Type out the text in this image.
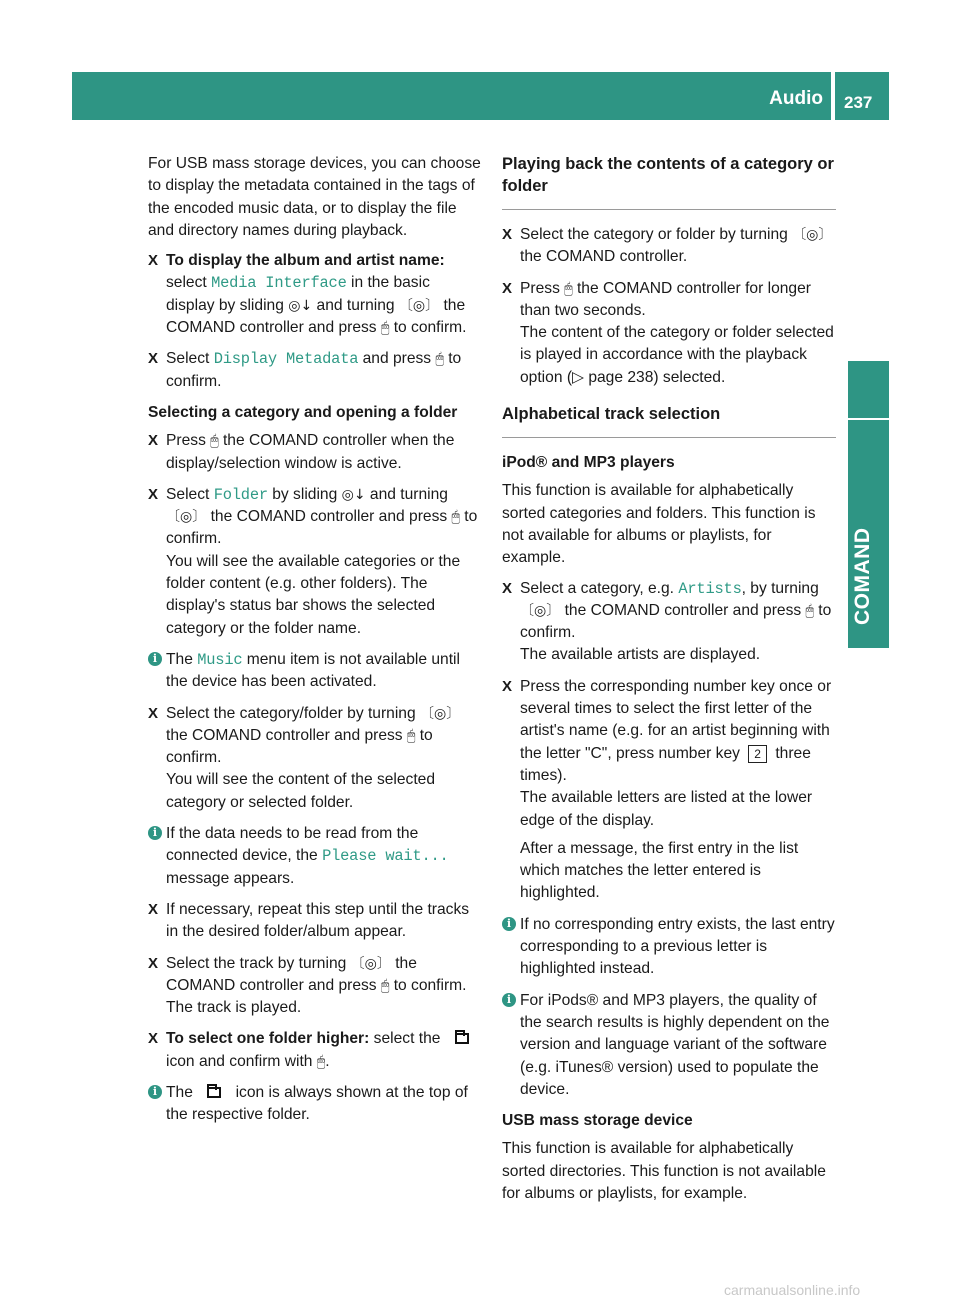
Audio 237
COMAND

For USB mass storage devices, you can choose to display the metadata contained in the tags of the encoded music data, or to display the file and directory names during playback.

X To display the album and artist name: select Media Interface in the basic display by sliding ◎↓ and turning 〔◎〕 the COMAND controller and press 🖱 to confirm.
X Select Display Metadata and press 🖱 to confirm.
Selecting a category and opening a folder
X Press 🖱 the COMAND controller when the display/selection window is active.
X Select Folder by sliding ◎↓ and turning 〔◎〕 the COMAND controller and press 🖱 to confirm.
You will see the available categories or the folder content (e.g. other folders). The display's status bar shows the selected category or the folder name.
i The Music menu item is not available until the device has been activated.
X Select the category/folder by turning 〔◎〕 the COMAND controller and press 🖱 to confirm.
You will see the content of the selected category or selected folder.
i If the data needs to be read from the connected device, the Please wait... message appears.
X If necessary, repeat this step until the tracks in the desired folder/album appear.
X Select the track by turning 〔◎〕 the COMAND controller and press 🖱 to confirm.
The track is played.
X To select one folder higher: select the  icon and confirm with 🖱.
i The	icon is always shown at the top of the respective folder.
Playing back the contents of a category or folder
X Select the category or folder by turning 〔◎〕 the COMAND controller.
X Press 🖱 the COMAND controller for longer than two seconds.
The content of the category or folder selected is played in accordance with the playback option (▷ page 238) selected.
Alphabetical track selection
iPod® and MP3 players

This function is available for alphabetically sorted categories and folders. This function is not available for albums or playlists, for example.

X Select a category, e.g. Artists, by turning 〔◎〕 the COMAND controller and press 🖱 to confirm.
The available artists are displayed.
X Press the corresponding number key once or several times to select the first letter of the artist's name (e.g. for an artist beginning with the letter "C", press number key 2 three times).
The available letters are listed at the lower edge of the display.
After a message, the first entry in the list which matches the letter entered is highlighted.
i If no corresponding entry exists, the last entry corresponding to a previous letter is highlighted instead.
i For iPods® and MP3 players, the quality of the search results is highly dependent on the version and language variant of the software (e.g. iTunes® version) used to populate the device.
USB mass storage device

This function is available for alphabetically sorted directories. This function is not available for albums or playlists, for example.

carmanualsonline.info
